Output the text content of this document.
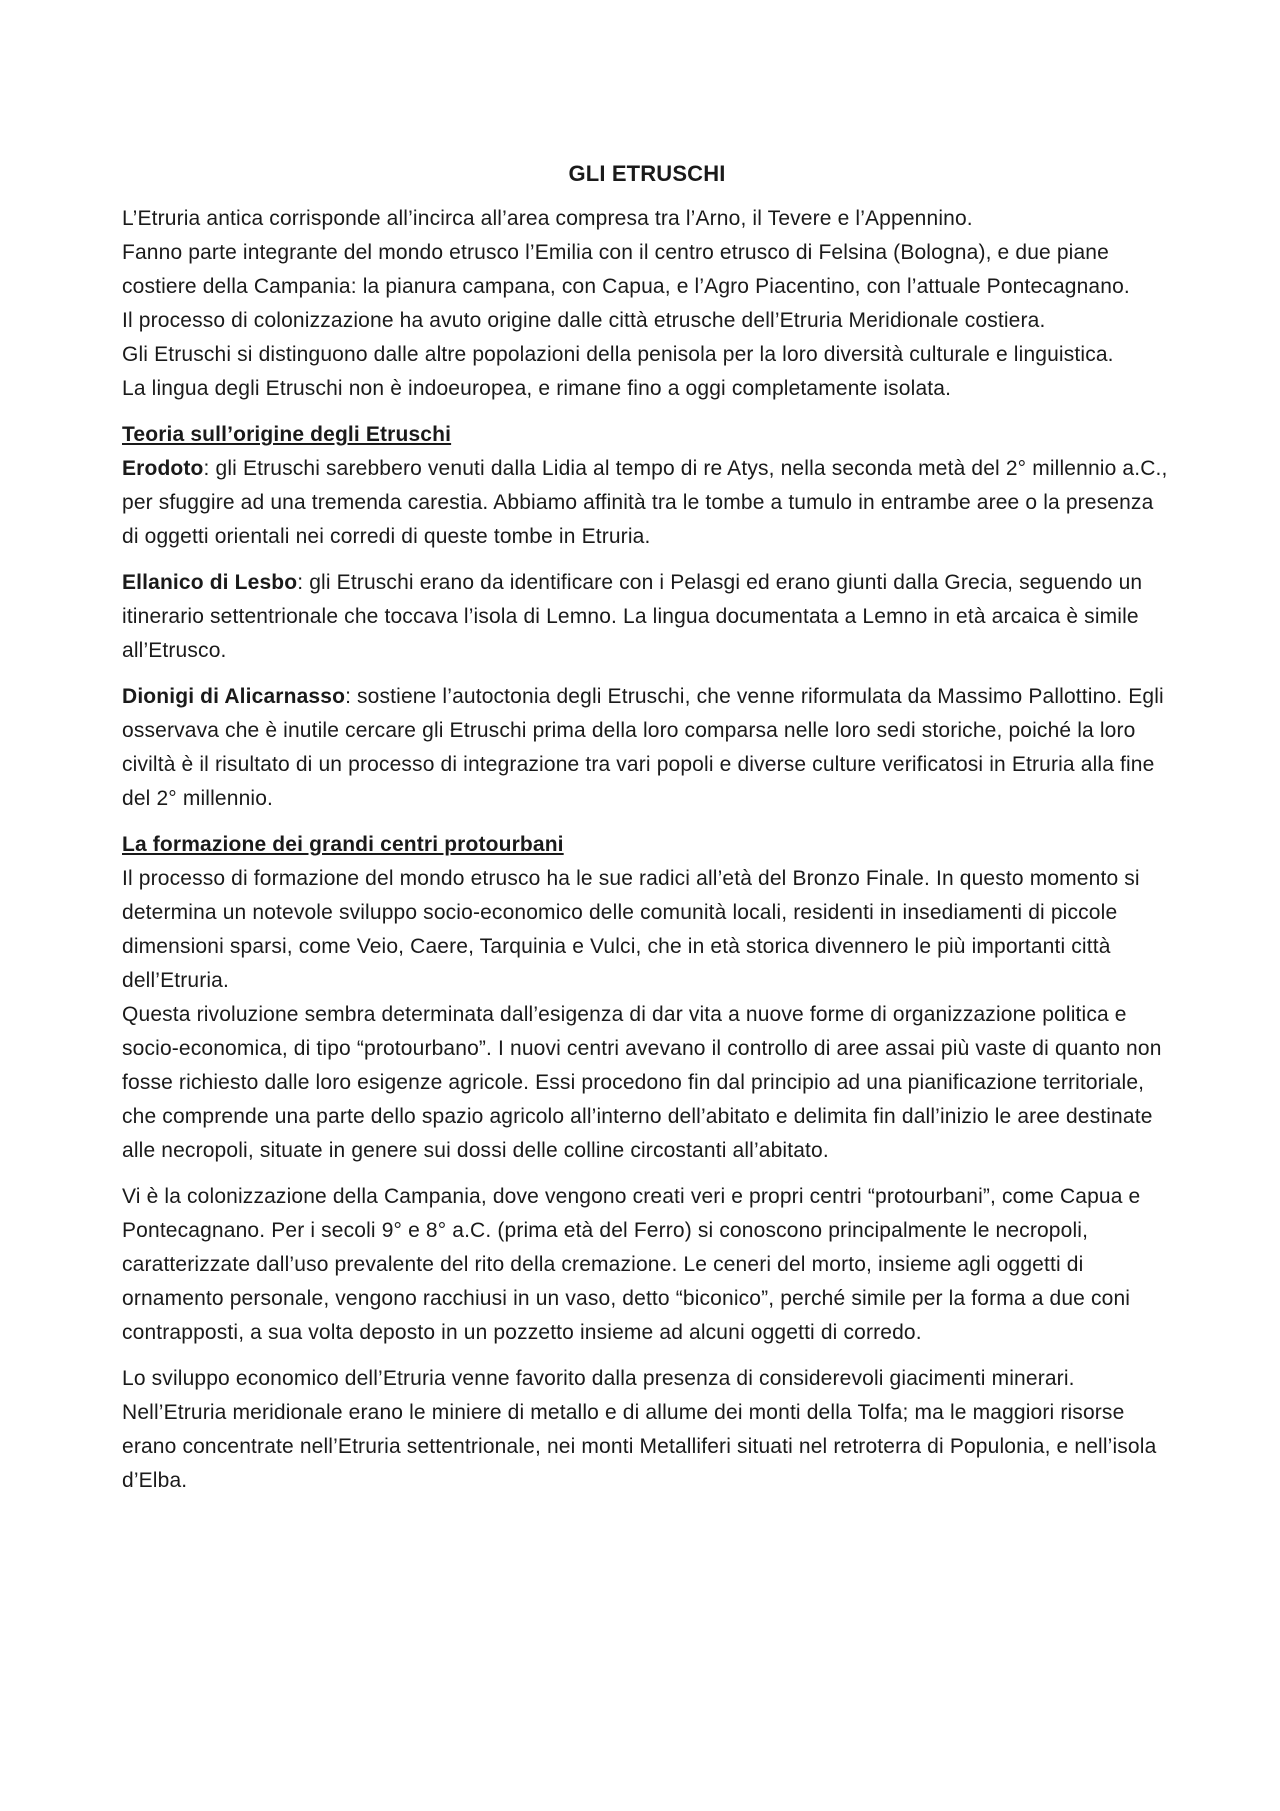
GLI ETRUSCHI

L’Etruria antica corrisponde all’incirca all’area compresa tra l’Arno, il Tevere e l’Appennino.
Fanno parte integrante del mondo etrusco l’Emilia con il centro etrusco di Felsina (Bologna), e due piane costiere della Campania: la pianura campana, con Capua, e l’Agro Piacentino, con l’attuale Pontecagnano.
Il processo di colonizzazione ha avuto origine dalle città etrusche dell’Etruria Meridionale costiera.
Gli Etruschi si distinguono dalle altre popolazioni della penisola per la loro diversità culturale e linguistica.
La lingua degli Etruschi non è indoeuropea, e rimane fino a oggi completamente isolata.

Teoria sull’origine degli Etruschi

Erodoto: gli Etruschi sarebbero venuti dalla Lidia al tempo di re Atys, nella seconda metà del 2° millennio a.C., per sfuggire ad una tremenda carestia. Abbiamo affinità tra le tombe a tumulo in entrambe aree o la presenza di oggetti orientali nei corredi di queste tombe in Etruria.

Ellanico di Lesbo: gli Etruschi erano da identificare con i Pelasgi ed erano giunti dalla Grecia, seguendo un itinerario settentrionale che toccava l’isola di Lemno. La lingua documentata a Lemno in età arcaica è simile all’Etrusco.

Dionigi di Alicarnasso: sostiene l’autoctonia degli Etruschi, che venne riformulata da Massimo Pallottino. Egli osservava che è inutile cercare gli Etruschi prima della loro comparsa nelle loro sedi storiche, poiché la loro civiltà è il risultato di un processo di integrazione tra vari popoli e diverse culture verificatosi in Etruria alla fine del 2° millennio.

La formazione dei grandi centri protourbani

Il processo di formazione del mondo etrusco ha le sue radici all’età del Bronzo Finale. In questo momento si determina un notevole sviluppo socio-economico delle comunità locali, residenti in insediamenti di piccole dimensioni sparsi, come Veio, Caere, Tarquinia e Vulci, che in età storica divennero le più importanti città dell’Etruria.

Questa rivoluzione sembra determinata dall’esigenza di dar vita a nuove forme di organizzazione politica e socio-economica, di tipo “protourbano”. I nuovi centri avevano il controllo di aree assai più vaste di quanto non fosse richiesto dalle loro esigenze agricole. Essi procedono fin dal principio ad una pianificazione territoriale, che comprende una parte dello spazio agricolo all’interno dell’abitato e delimita fin dall’inizio le aree destinate alle necropoli, situate in genere sui dossi delle colline circostanti all’abitato.

Vi è la colonizzazione della Campania, dove vengono creati veri e propri centri “protourbani”, come Capua e Pontecagnano. Per i secoli 9° e 8° a.C. (prima età del Ferro) si conoscono principalmente le necropoli, caratterizzate dall’uso prevalente del rito della cremazione. Le ceneri del morto, insieme agli oggetti di ornamento personale, vengono racchiusi in un vaso, detto “biconico”, perché simile per la forma a due coni contrapposti, a sua volta deposto in un pozzetto insieme ad alcuni oggetti di corredo.

Lo sviluppo economico dell’Etruria venne favorito dalla presenza di considerevoli giacimenti minerari. Nell’Etruria meridionale erano le miniere di metallo e di allume dei monti della Tolfa; ma le maggiori risorse erano concentrate nell’Etruria settentrionale, nei monti Metalliferi situati nel retroterra di Populonia, e nell’isola d’Elba.
